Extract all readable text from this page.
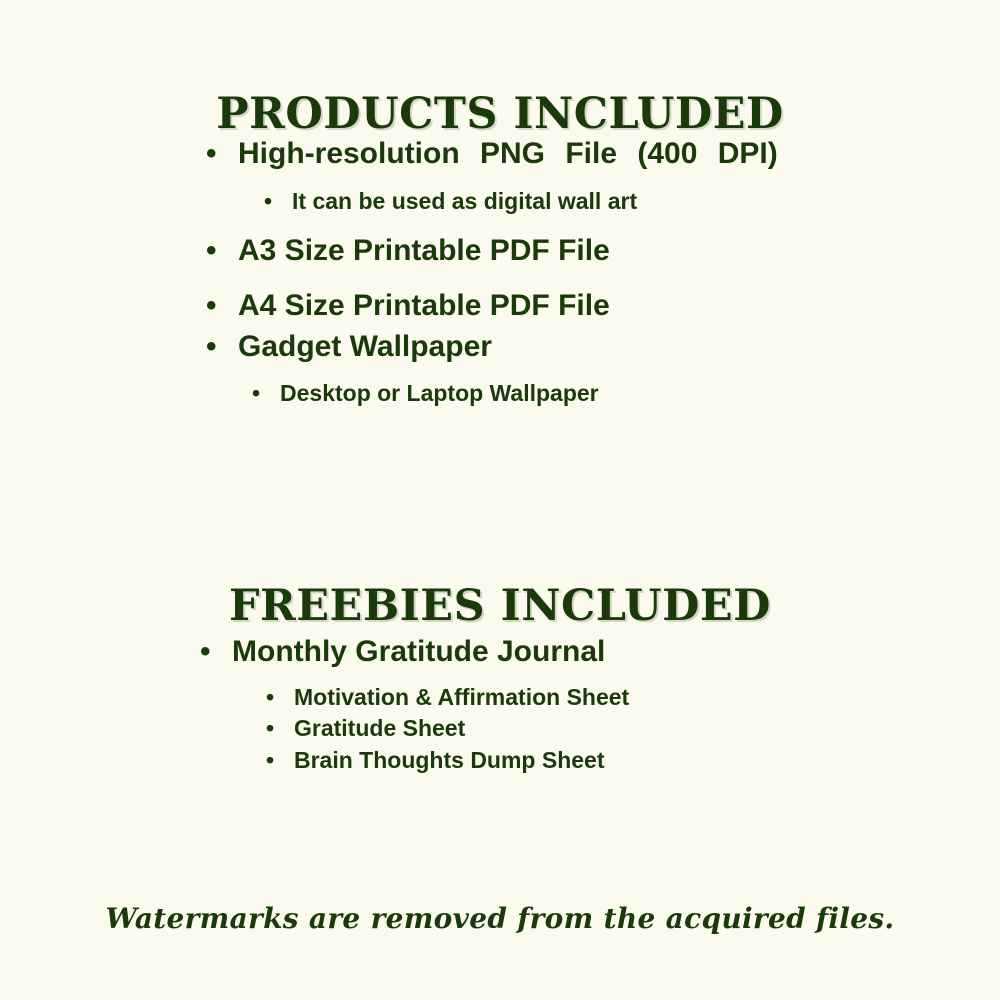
PRODUCTS INCLUDED
• High-resolution PNG File (400 DPI)
• It can be used as digital wall art
• A3 Size Printable PDF File
• A4 Size Printable PDF File
• Gadget Wallpaper
• Desktop or Laptop Wallpaper
FREEBIES INCLUDED
• Monthly Gratitude Journal
• Motivation & Affirmation Sheet
• Gratitude Sheet
• Brain Thoughts Dump Sheet
Watermarks are removed from the acquired files.
